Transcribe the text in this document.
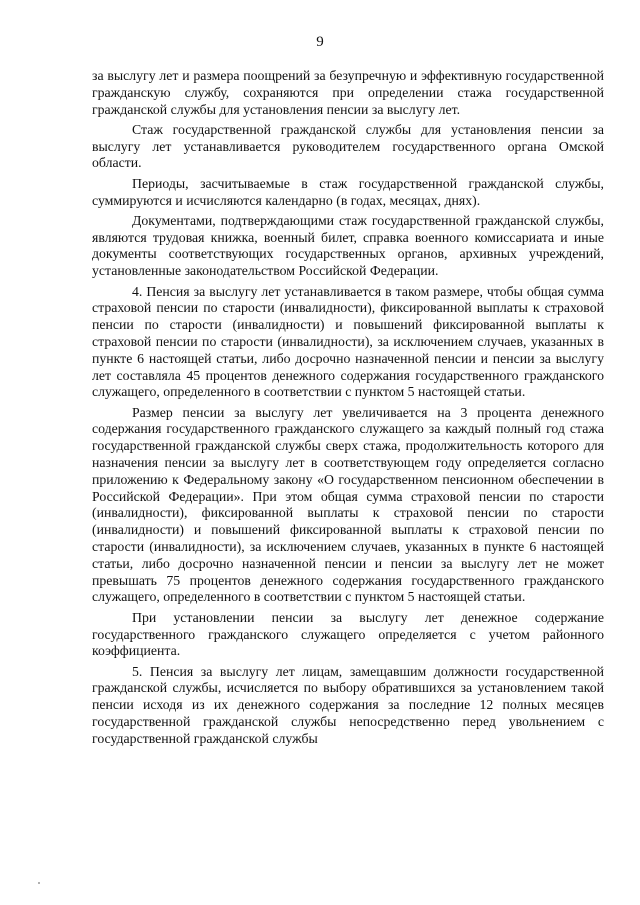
9

за выслугу лет и размера поощрений за безупречную и эффективную государственной гражданскую службу, сохраняются при определении стажа государственной гражданской службы для установления пенсии за выслугу лет.

Стаж государственной гражданской службы для установления пенсии за выслугу лет устанавливается руководителем государственного органа Омской области.

Периоды, засчитываемые в стаж государственной гражданской службы, суммируются и исчисляются календарно (в годах, месяцах, днях).

Документами, подтверждающими стаж государственной гражданской службы, являются трудовая книжка, военный билет, справка военного комиссариата и иные документы соответствующих государственных органов, архивных учреждений, установленные законодательством Российской Федерации.

4. Пенсия за выслугу лет устанавливается в таком размере, чтобы общая сумма страховой пенсии по старости (инвалидности), фиксированной выплаты к страховой пенсии по старости (инвалидности) и повышений фиксированной выплаты к страховой пенсии по старости (инвалидности), за исключением случаев, указанных в пункте 6 настоящей статьи, либо досрочно назначенной пенсии и пенсии за выслугу лет составляла 45 процентов денежного содержания государственного гражданского служащего, определенного в соответствии с пунктом 5 настоящей статьи.

Размер пенсии за выслугу лет увеличивается на 3 процента денежного содержания государственного гражданского служащего за каждый полный год стажа государственной гражданской службы сверх стажа, продолжительность которого для назначения пенсии за выслугу лет в соответствующем году определяется согласно приложению к Федеральному закону «О государственном пенсионном обеспечении в Российской Федерации». При этом общая сумма страховой пенсии по старости (инвалидности), фиксированной выплаты к страховой пенсии по старости (инвалидности) и повышений фиксированной выплаты к страховой пенсии по старости (инвалидности), за исключением случаев, указанных в пункте 6 настоящей статьи, либо досрочно назначенной пенсии и пенсии за выслугу лет не может превышать 75 процентов денежного содержания государственного гражданского служащего, определенного в соответствии с пунктом 5 настоящей статьи.

При установлении пенсии за выслугу лет денежное содержание государственного гражданского служащего определяется с учетом районного коэффициента.

5. Пенсия за выслугу лет лицам, замещавшим должности государственной гражданской службы, исчисляется по выбору обратившихся за установлением такой пенсии исходя из их денежного содержания за последние 12 полных месяцев государственной гражданской службы непосредственно перед увольнением с государственной гражданской службы
